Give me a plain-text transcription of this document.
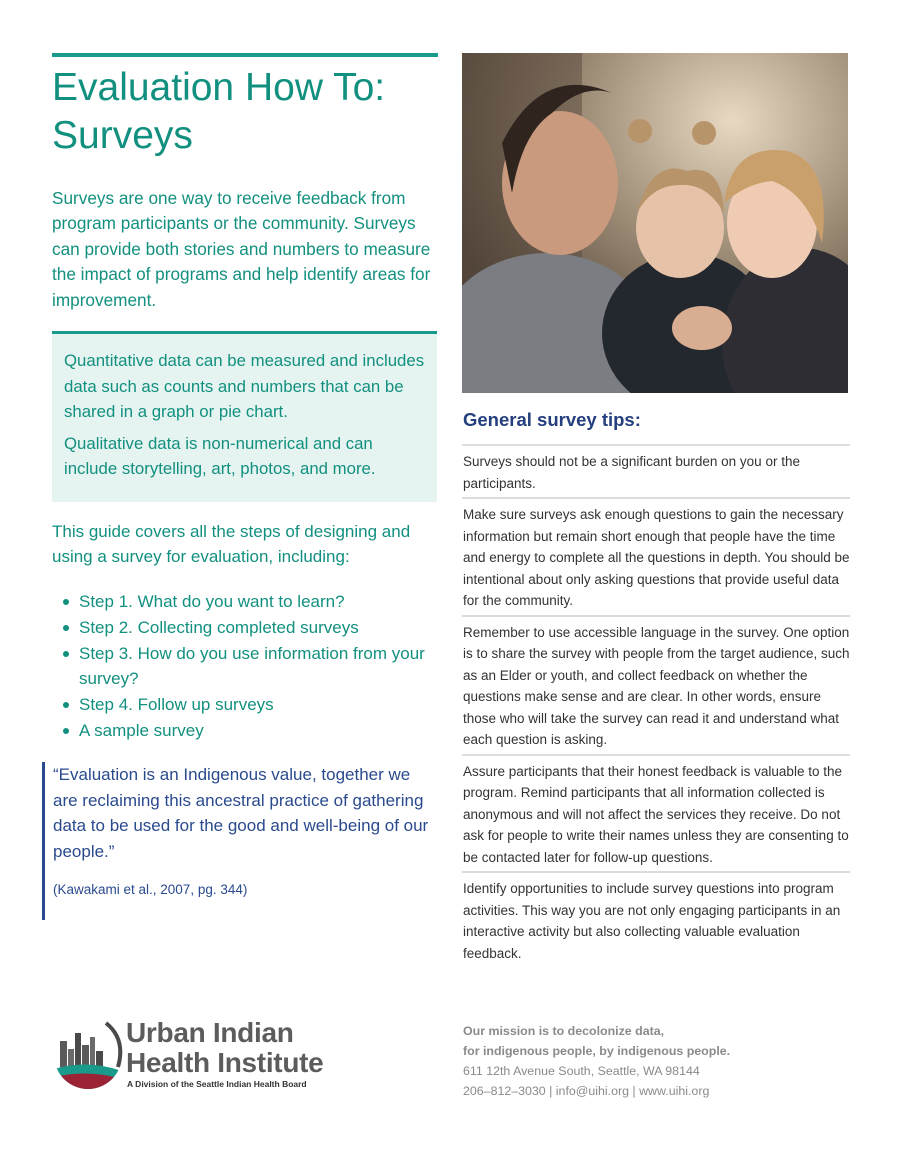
Evaluation How To:
Surveys

Surveys are one way to receive feedback from program participants or the community. Surveys can provide both stories and numbers to measure the impact of programs and help identify areas for improvement.

Quantitative data can be measured and includes data such as counts and numbers that can be shared in a graph or pie chart.

Qualitative data is non-numerical and can include storytelling, art, photos, and more.

This guide covers all the steps of designing and using a survey for evaluation, including:

Step 1. What do you want to learn?
Step 2. Collecting completed surveys
Step 3. How do you use information from your survey?
Step 4. Follow up surveys
A sample survey

“Evaluation is an Indigenous value, together we are reclaiming this ancestral practice of gathering data to be used for the good and well-being of our people.”

(Kawakami et al., 2007, pg. 344)

Urban Indian
Health Institute

A Division of the Seattle Indian Health Board

General survey tips:
Surveys should not be a significant burden on you or the participants.
Make sure surveys ask enough questions to gain the necessary information but remain short enough that people have the time and energy to complete all the questions in depth. You should be intentional about only asking questions that provide useful data for the community.
Remember to use accessible language in the survey. One option is to share the survey with people from the target audience, such as an Elder or youth, and collect feedback on whether the questions make sense and are clear. In other words, ensure those who will take the survey can read it and understand what each question is asking.
Assure participants that their honest feedback is valuable to the program. Remind participants that all information collected is anonymous and will not affect the services they receive. Do not ask for people to write their names unless they are consenting to be contacted later for follow-up questions.
Identify opportunities to include survey questions into program activities. This way you are not only engaging participants in an interactive activity but also collecting valuable evaluation feedback.

Our mission is to decolonize data,
for indigenous people, by indigenous people.
611 12th Avenue South, Seattle, WA 98144
206–812–3030 | info@uihi.org | www.uihi.org
